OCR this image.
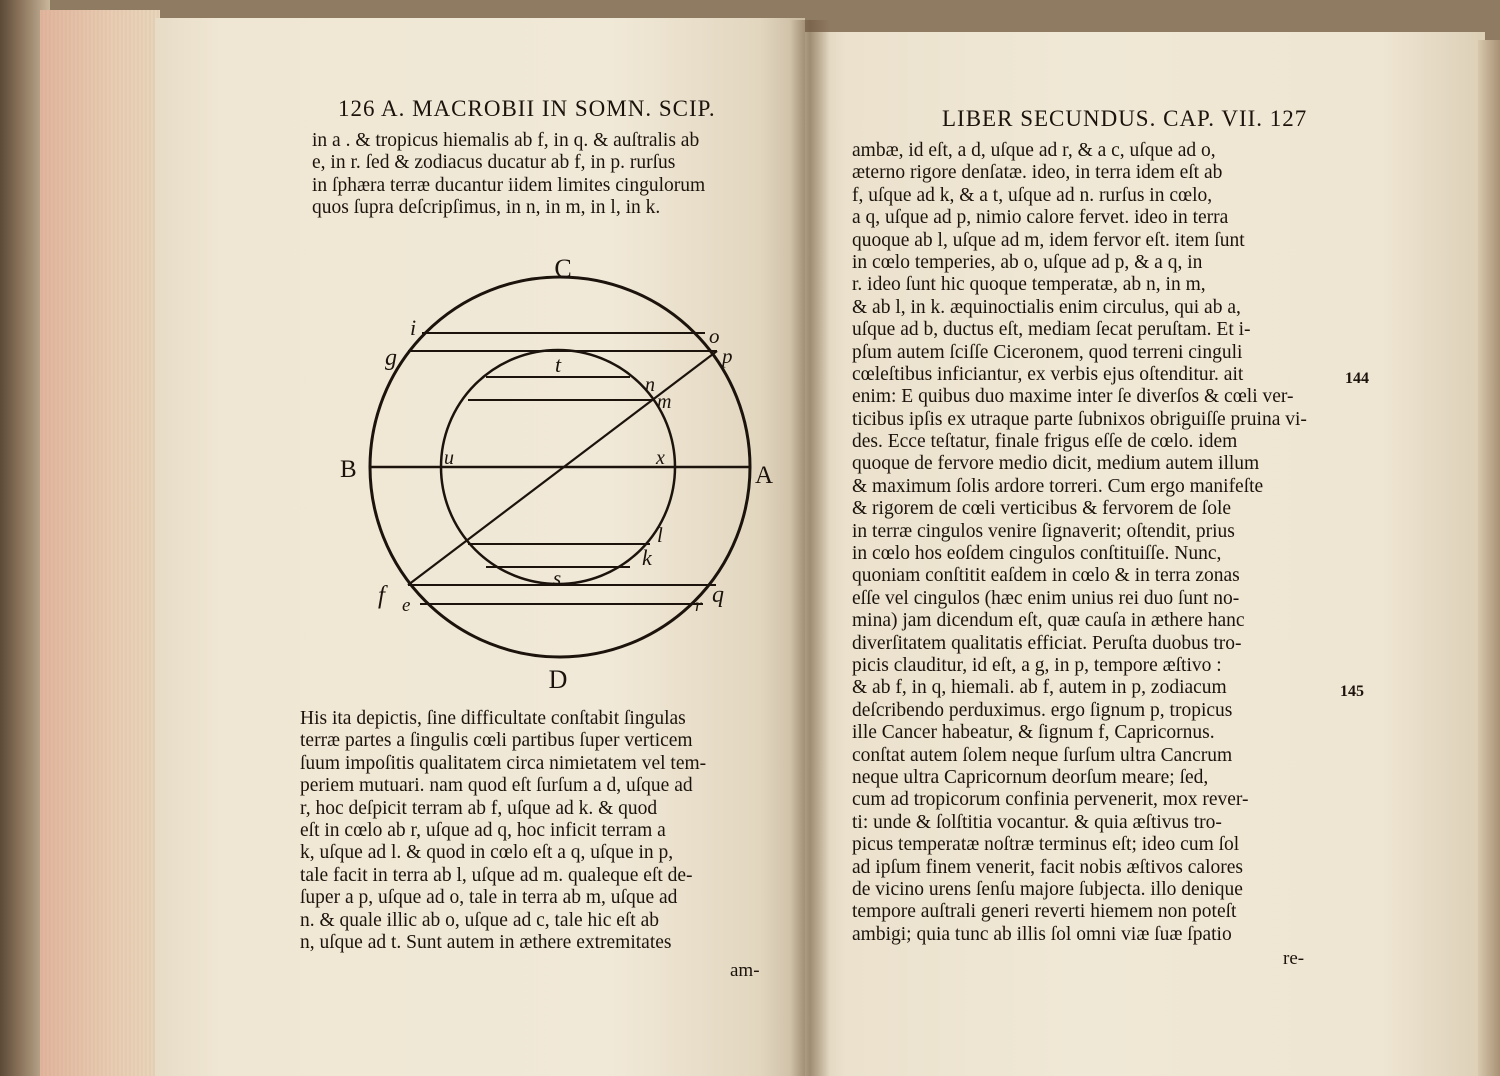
126 A. MACROBII IN SOMN. SCIP.
in a . & tropicus hiemalis ab f, in q. & auſtralis ab
e, in r. ſed & zodiacus ducatur ab f, in p. rurſus
in ſphæra terræ ducantur iidem limites cingulorum
quos ſupra deſcripſimus, in n, in m, in l, in k.
C
D
B	A
i
g
o
p
t
n
m
u	x
l
k
s
f e	r q
His ita depictis, ſine difficultate conſtabit ſingulas
terræ partes a ſingulis cœli partibus ſuper verticem
ſuum impoſitis qualitatem circa nimietatem vel tem-
periem mutuari. nam quod eſt ſurſum a d, uſque ad
r, hoc deſpicit terram ab f, uſque ad k. & quod
eſt in cœlo ab r, uſque ad q, hoc inficit terram a
k, uſque ad l. & quod in cœlo eſt a q, uſque in p,
tale facit in terra ab l, uſque ad m. qualeque eſt de-
ſuper a p, uſque ad o, tale in terra ab m, uſque ad
n. & quale illic ab o, uſque ad c, tale hic eſt ab
n, uſque ad t. Sunt autem in æthere extremitates
am-
LIBER SECUNDUS. CAP. VII. 127
ambæ, id eſt, a d, uſque ad r, & a c, uſque ad o,
æterno rigore denſatæ. ideo, in terra idem eſt ab
f, uſque ad k, & a t, uſque ad n. rurſus in cœlo,
a q, uſque ad p, nimio calore fervet. ideo in terra
quoque ab l, uſque ad m, idem fervor eſt. item ſunt
in cœlo temperies, ab o, uſque ad p, & a q, in
r. ideo ſunt hic quoque temperatæ, ab n, in m,
& ab l, in k. æquinoctialis enim circulus, qui ab a,
uſque ad b, ductus eſt, mediam ſecat peruſtam. Et i-
pſum autem ſciſſe Ciceronem, quod terreni cinguli
cœleſtibus inficiantur, ex verbis ejus oſtenditur. ait
enim: E quibus duo maxime inter ſe diverſos & cœli ver-
ticibus ipſis ex utraque parte ſubnixos obriguiſſe pruina vi-
des. Ecce teſtatur, finale frigus eſſe de cœlo. idem
quoque de fervore medio dicit, medium autem illum
& maximum ſolis ardore torreri. Cum ergo manifeſte
& rigorem de cœli verticibus & fervorem de ſole
in terræ cingulos venire ſignaverit; oſtendit, prius
in cœlo hos eoſdem cingulos conſtituiſſe. Nunc,
quoniam conſtitit eaſdem in cœlo & in terra zonas
eſſe vel cingulos (hæc enim unius rei duo ſunt no-
mina) jam dicendum eſt, quæ cauſa in æthere hanc
diverſitatem qualitatis efficiat. Peruſta duobus tro-
picis clauditur, id eſt, a g, in p, tempore æſtivo :
& ab f, in q, hiemali. ab f, autem in p, zodiacum
deſcribendo perduximus. ergo ſignum p, tropicus
ille Cancer habeatur, & ſignum f, Capricornus.
conſtat autem ſolem neque ſurſum ultra Cancrum
neque ultra Capricornum deorſum meare; ſed,
cum ad tropicorum confinia pervenerit, mox rever-
ti: unde & ſolſtitia vocantur. & quia æſtivus tro-
picus temperatæ noſtræ terminus eſt; ideo cum ſol
ad ipſum finem venerit, facit nobis æſtivos calores
de vicino urens ſenſu majore ſubjecta. illo denique
tempore auſtrali generi reverti hiemem non poteſt
ambigi; quia tunc ab illis ſol omni viæ ſuæ ſpatio
144
145
re-
